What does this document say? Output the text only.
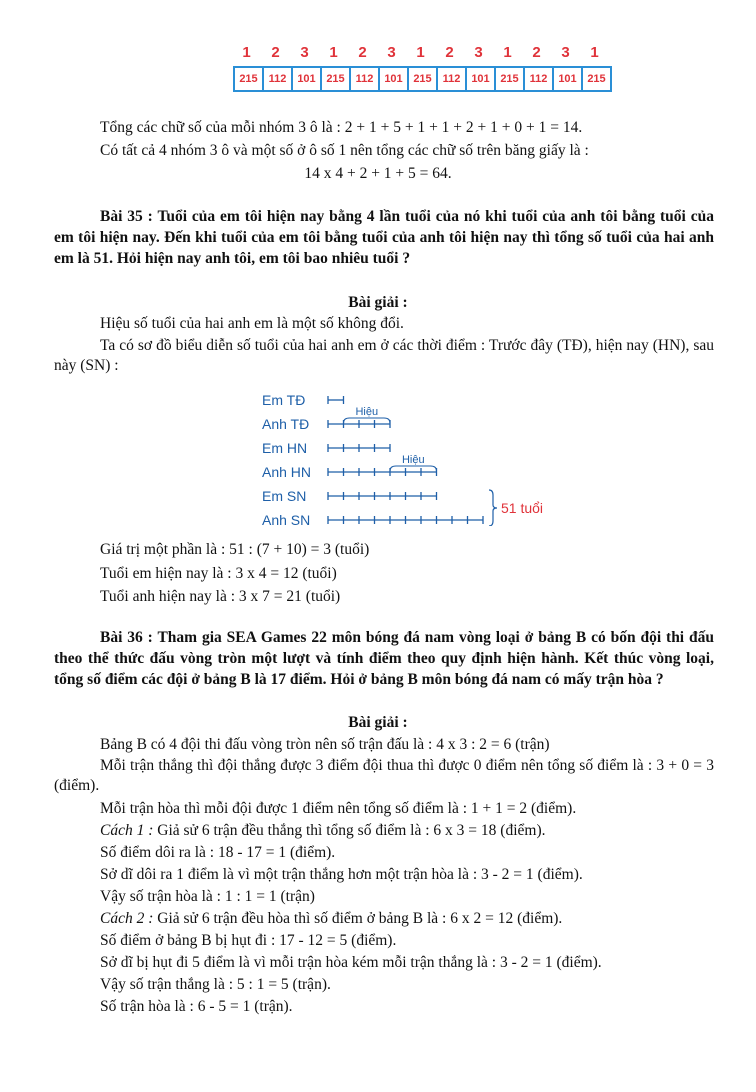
1	2	3	1	2	3	1	2	3	1	2	3	1
215 112 101 215 112 101 215 112 101 215 112 101 215
Tổng các chữ số của mỗi nhóm 3 ô là : 2 + 1 + 5 + 1 + 1 + 2 + 1 + 0 + 1 = 14.
Có tất cả 4 nhóm 3 ô và một số ở ô số 1 nên tổng các chữ số trên băng giấy là :
14 x 4 + 2 + 1 + 5 = 64.
Bài 35 : Tuổi của em tôi hiện nay bằng 4 lần tuổi của nó khi tuổi của anh tôi bằng tuổi của em tôi hiện nay. Đến khi tuổi của em tôi bằng tuổi của anh tôi hiện nay thì tổng số tuổi của hai anh em là 51. Hỏi hiện nay anh tôi, em tôi bao nhiêu tuổi ?
Bài giải :
Hiệu số tuổi của hai anh em là một số không đổi.
Ta có sơ đồ biểu diễn số tuổi của hai anh em ở các thời điểm : Trước đây (TĐ), hiện nay (HN), sau này (SN) :
Em TĐ
Anh TĐ
Em HN
Anh HN
Em SN
Anh SN
Hiệu
Hiệu
51 tuổi
Giá trị một phần là : 51 : (7 + 10) = 3 (tuổi)
Tuổi em hiện nay là : 3 x 4 = 12 (tuổi)
Tuổi anh hiện nay là : 3 x 7 = 21 (tuổi)
Bài 36 : Tham gia SEA Games 22 môn bóng đá nam vòng loại ở bảng B có bốn đội thi đấu theo thể thức đấu vòng tròn một lượt và tính điểm theo quy định hiện hành. Kết thúc vòng loại, tổng số điểm các đội ở bảng B là 17 điểm. Hỏi ở bảng B môn bóng đá nam có mấy trận hòa ?
Bài giải :
Bảng B có 4 đội thi đấu vòng tròn nên số trận đấu là : 4 x 3 : 2 = 6 (trận)
Mỗi trận thắng thì đội thắng được 3 điểm đội thua thì được 0 điểm nên tổng số điểm là : 3 + 0 = 3 (điểm).
Mỗi trận hòa thì mỗi đội được 1 điểm nên tổng số điểm là : 1 + 1 = 2 (điểm).
Cách 1 : Giả sử 6 trận đều thắng thì tổng số điểm là : 6 x 3 = 18 (điểm).
Số điểm dôi ra là : 18 - 17 = 1 (điểm).
Sở dĩ dôi ra 1 điểm là vì một trận thắng hơn một trận hòa là : 3 - 2 = 1 (điểm).
Vậy số trận hòa là : 1 : 1 = 1 (trận)
Cách 2 : Giả sử 6 trận đều hòa thì số điểm ở bảng B là : 6 x 2 = 12 (điểm).
Số điểm ở bảng B bị hụt đi : 17 - 12 = 5 (điểm).
Sở dĩ bị hụt đi 5 điểm là vì mỗi trận hòa kém mỗi trận thắng là : 3 - 2 = 1 (điểm).
Vậy số trận thắng là : 5 : 1 = 5 (trận).
Số trận hòa là : 6 - 5 = 1 (trận).
